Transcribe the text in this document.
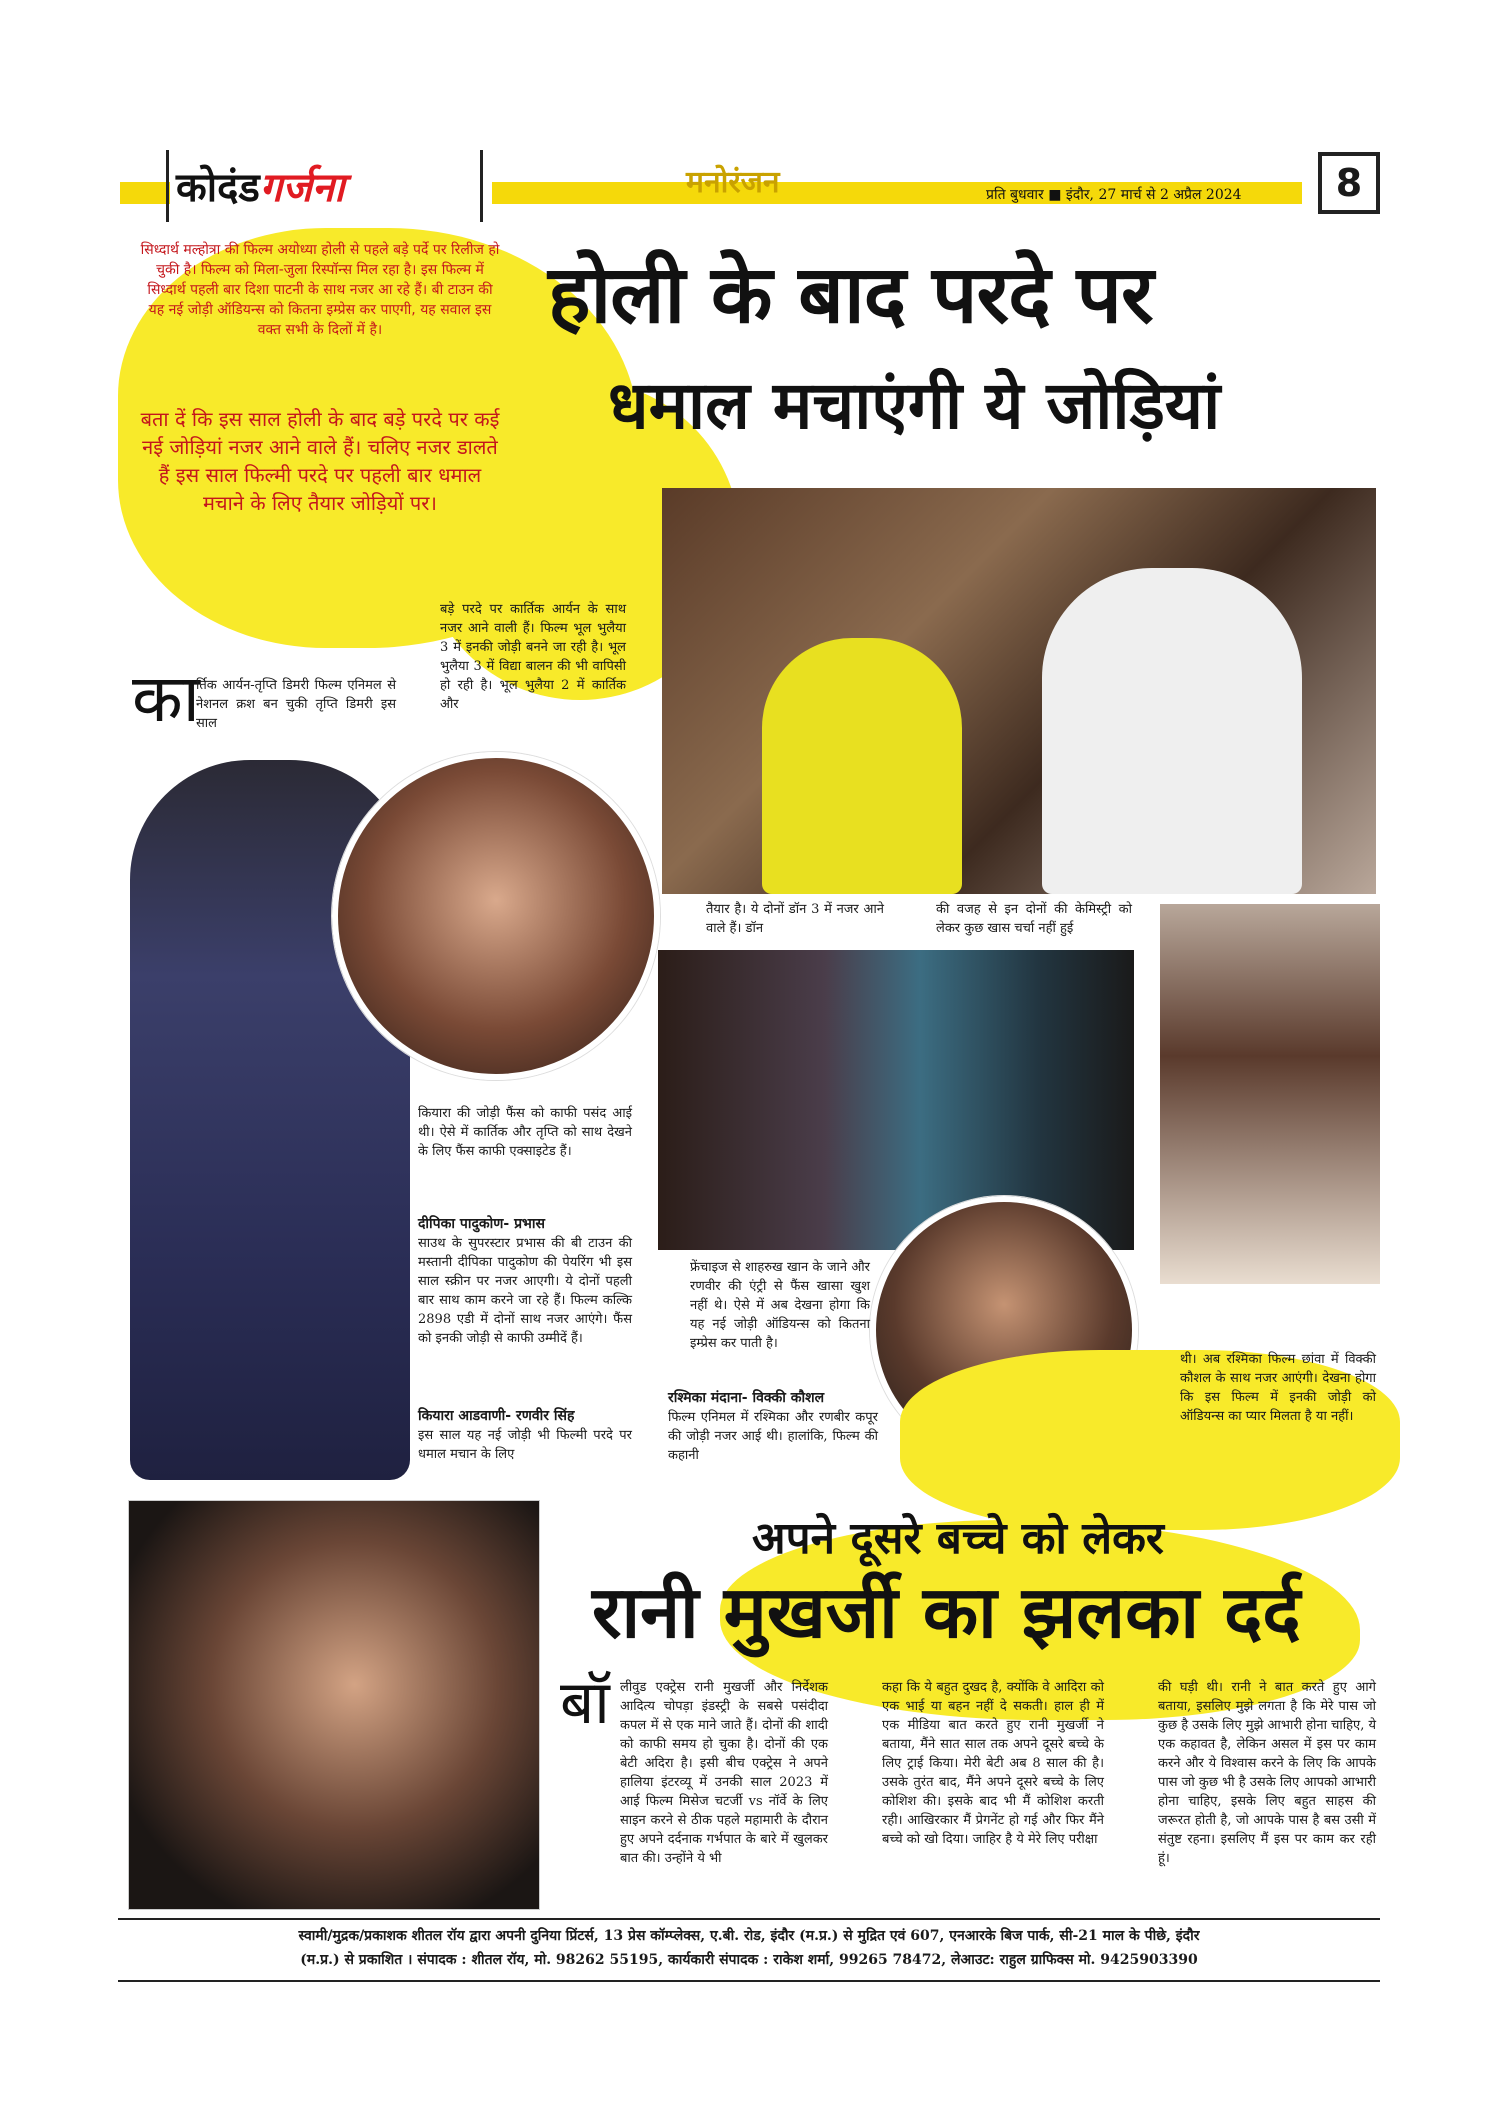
कोदंडगर्जना	मनोरंजन	प्रति बुधवार ■ इंदौर, 27 मार्च से 2 अप्रैल 2024 8
सिध्दार्थ मल्होत्रा की फिल्म अयोध्या होली से पहले बड़े पर्दे पर रिलीज हो चुकी है। फिल्म को मिला-जुला रिस्पॉन्स मिल रहा है। इस फिल्म में सिध्दार्थ पहली बार दिशा पाटनी के साथ नजर आ रहे हैं। बी टाउन की यह नई जोड़ी ऑडियन्स को कितना इम्प्रेस कर पाएगी, यह सवाल इस वक्त सभी के दिलों में है।
बता दें कि इस साल होली के बाद बड़े परदे पर कई नई जोड़ियां नजर आने वाले हैं। चलिए नजर डालते हैं इस साल फिल्मी परदे पर पहली बार धमाल मचाने के लिए तैयार जोड़ियों पर।
होली के बाद परदे पर
धमाल मचाएंगी ये जोड़ियां
का
र्तिक आर्यन-तृप्ति डिमरी फिल्म एनिमल से नेशनल क्रश बन चुकी तृप्ति डिमरी इस साल
बड़े परदे पर कार्तिक आर्यन के साथ नजर आने वाली हैं। फिल्म भूल भुलैया 3 में इनकी जोड़ी बनने जा रही है। भूल भुलैया 3 में विद्या बालन की भी वापिसी हो रही है। भूल भुलैया 2 में कार्तिक और
कियारा की जोड़ी फैंस को काफी पसंद आई थी। ऐसे में कार्तिक और तृप्ति को साथ देखने के लिए फैंस काफी एक्साइटेड हैं।
दीपिका पादुकोण- प्रभास
साउथ के सुपरस्टार प्रभास की बी टाउन की मस्तानी दीपिका पादुकोण की पेयरिंग भी इस साल स्क्रीन पर नजर आएगी। ये दोनों पहली बार साथ काम करने जा रहे हैं। फिल्म कल्कि 2898 एडी में दोनों साथ नजर आएंगे। फैंस को इनकी जोड़ी से काफी उम्मीदें हैं।
कियारा आडवाणी- रणवीर सिंह
इस साल यह नई जोड़ी भी फिल्मी परदे पर धमाल मचान के लिए
तैयार है। ये दोनों डॉन 3 में नजर आने वाले हैं। डॉन
की वजह से इन दोनों की केमिस्ट्री को लेकर कुछ खास चर्चा नहीं हुई
फ्रेंचाइज से शाहरुख खान के जाने और रणवीर की एंट्री से फैंस खासा खुश नहीं थे। ऐसे में अब देखना होगा कि यह नई जोड़ी ऑडियन्स को कितना इम्प्रेस कर पाती है।
रश्मिका मंदाना- विक्की कौशल
फिल्म एनिमल में रश्मिका और रणबीर कपूर की जोड़ी नजर आई थी। हालांकि, फिल्म की कहानी
थी। अब रश्मिका फिल्म छांवा में विक्की कौशल के साथ नजर आएंगी। देखना होगा कि इस फिल्म में इनकी जोड़ी को ऑडियन्स का प्यार मिलता है या नहीं।
अपने दूसरे बच्चे को लेकर
रानी मुखर्जी का झलका दर्द
बॉ लीवुड एक्ट्रेस रानी मुखर्जी और निर्देशक आदित्य चोपड़ा इंडस्ट्री के सबसे पसंदीदा कपल में से एक माने जाते हैं। दोनों की शादी को काफी समय हो चुका है। दोनों की एक बेटी अदिरा है। इसी बीच एक्ट्रेस ने अपने हालिया इंटरव्यू में उनकी साल 2023 में आई फिल्म मिसेज चटर्जी vs नॉर्वे के लिए साइन करने से ठीक पहले महामारी के दौरान हुए अपने दर्दनाक गर्भपात के बारे में खुलकर बात की। उन्होंने ये भी
कहा कि ये बहुत दुखद है, क्योंकि वे आदिरा को एक भाई या बहन नहीं दे सकती। हाल ही में एक मीडिया बात करते हुए रानी मुखर्जी ने बताया, मैंने सात साल तक अपने दूसरे बच्चे के लिए ट्राई किया। मेरी बेटी अब 8 साल की है। उसके तुरंत बाद, मैंने अपने दूसरे बच्चे के लिए कोशिश की। इसके बाद भी मैं कोशिश करती रही। आखिरकार मैं प्रेगनेंट हो गई और फिर मैंने बच्चे को खो दिया। जाहिर है ये मेरे लिए परीक्षा
की घड़ी थी। रानी ने बात करते हुए आगे बताया, इसलिए मुझे लगता है कि मेरे पास जो कुछ है उसके लिए मुझे आभारी होना चाहिए, ये एक कहावत है, लेकिन असल में इस पर काम करने और ये विश्वास करने के लिए कि आपके पास जो कुछ भी है उसके लिए आपको आभारी होना चाहिए, इसके लिए बहुत साहस की जरूरत होती है, जो आपके पास है बस उसी में संतुष्ट रहना। इसलिए मैं इस पर काम कर रही हूं।
स्वामी/मुद्रक/प्रकाशक शीतल रॉय द्वारा अपनी दुनिया प्रिंटर्स, 13 प्रेस कॉम्प्लेक्स, ए.बी. रोड, इंदौर (म.प्र.) से मुद्रित एवं 607, एनआरके बिज पार्क, सी-21 माल के पीछे, इंदौर
(म.प्र.) से प्रकाशित । संपादक : शीतल रॉय, मो. 98262 55195, कार्यकारी संपादक : राकेश शर्मा, 99265 78472, लेआउट: राहुल ग्राफिक्स मो. 9425903390
